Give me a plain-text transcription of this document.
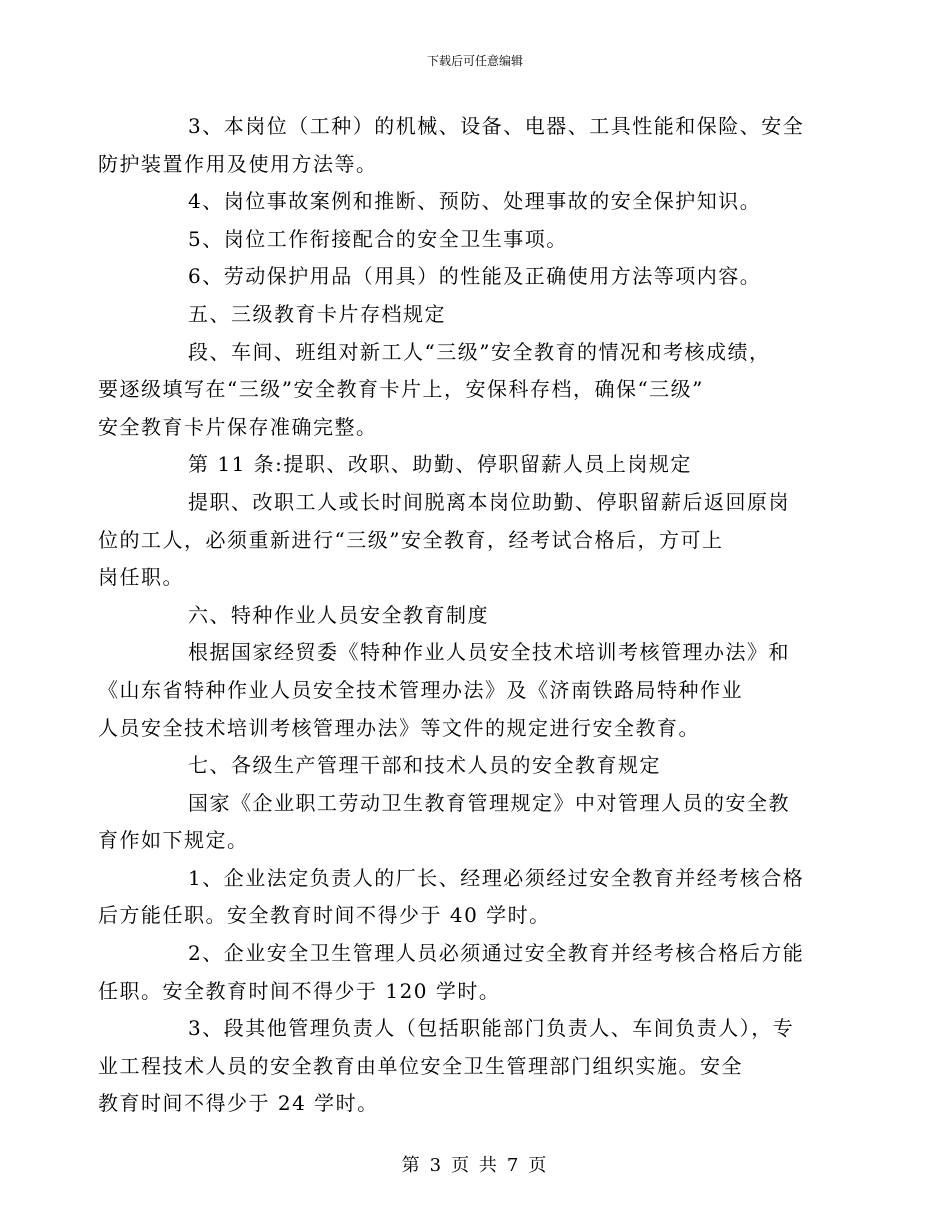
下载后可任意编辑

3、本岗位（工种）的机械、设备、电器、工具性能和保险、安全
防护装置作用及使用方法等。

4、岗位事故案例和推断、预防、处理事故的安全保护知识。

5、岗位工作衔接配合的安全卫生事项。

6、劳动保护用品（用具）的性能及正确使用方法等项内容。

五、三级教育卡片存档规定

段、车间、班组对新工人“三级”安全教育的情况和考核成绩，
要逐级填写在“三级”安全教育卡片上，安保科存档，确保“三级”
安全教育卡片保存准确完整。

第 11 条:提职、改职、助勤、停职留薪人员上岗规定

提职、改职工人或长时间脱离本岗位助勤、停职留薪后返回原岗
位的工人，必须重新进行“三级”安全教育，经考试合格后，方可上
岗任职。

六、特种作业人员安全教育制度

根据国家经贸委《特种作业人员安全技术培训考核管理办法》和
《山东省特种作业人员安全技术管理办法》及《济南铁路局特种作业
人员安全技术培训考核管理办法》等文件的规定进行安全教育。

七、各级生产管理干部和技术人员的安全教育规定

国家《企业职工劳动卫生教育管理规定》中对管理人员的安全教
育作如下规定。

1、企业法定负责人的厂长、经理必须经过安全教育并经考核合格
后方能任职。安全教育时间不得少于 40 学时。

2、企业安全卫生管理人员必须通过安全教育并经考核合格后方能
任职。安全教育时间不得少于 120 学时。

3、段其他管理负责人（包括职能部门负责人、车间负责人），专
业工程技术人员的安全教育由单位安全卫生管理部门组织实施。安全
教育时间不得少于 24 学时。

第 3 页 共 7 页
